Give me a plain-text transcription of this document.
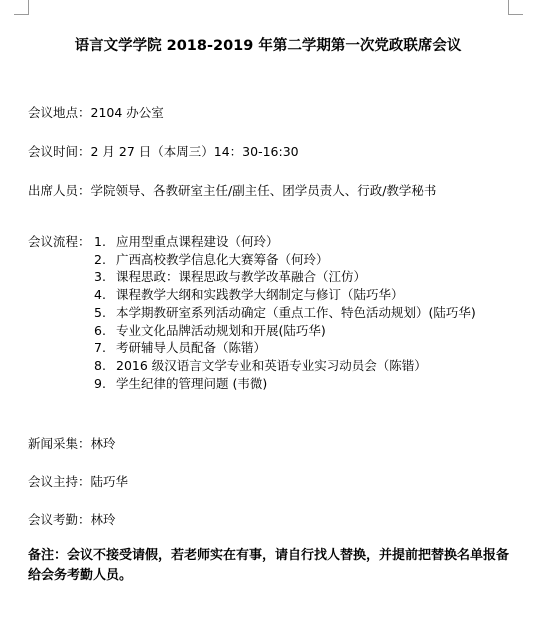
语言文学学院 2018-2019 年第二学期第一次党政联席会议
会议地点：2104 办公室
会议时间：2 月 27 日（本周三）14：30-16:30
出席人员：学院领导、各教研室主任/副主任、团学员责人、行政/教学秘书
会议流程： 1. 应用型重点课程建设（何玲）
2. 广西高校教学信息化大赛筹备（何玲）
3. 课程思政：课程思政与教学改革融合（江仿）
4. 课程教学大纲和实践教学大纲制定与修订（陆巧华）
5. 本学期教研室系列活动确定（重点工作、特色活动规划）(陆巧华)
6. 专业文化品牌活动规划和开展(陆巧华)
7. 考研辅导人员配备（陈锴）
8. 2016 级汉语言文学专业和英语专业实习动员会（陈锴）
9. 学生纪律的管理问题 (韦微)
新闻采集：林玲
会议主持：陆巧华
会议考勤：林玲
备注：会议不接受请假，若老师实在有事，请自行找人替换，并提前把替换名单报备给会务考勤人员。
